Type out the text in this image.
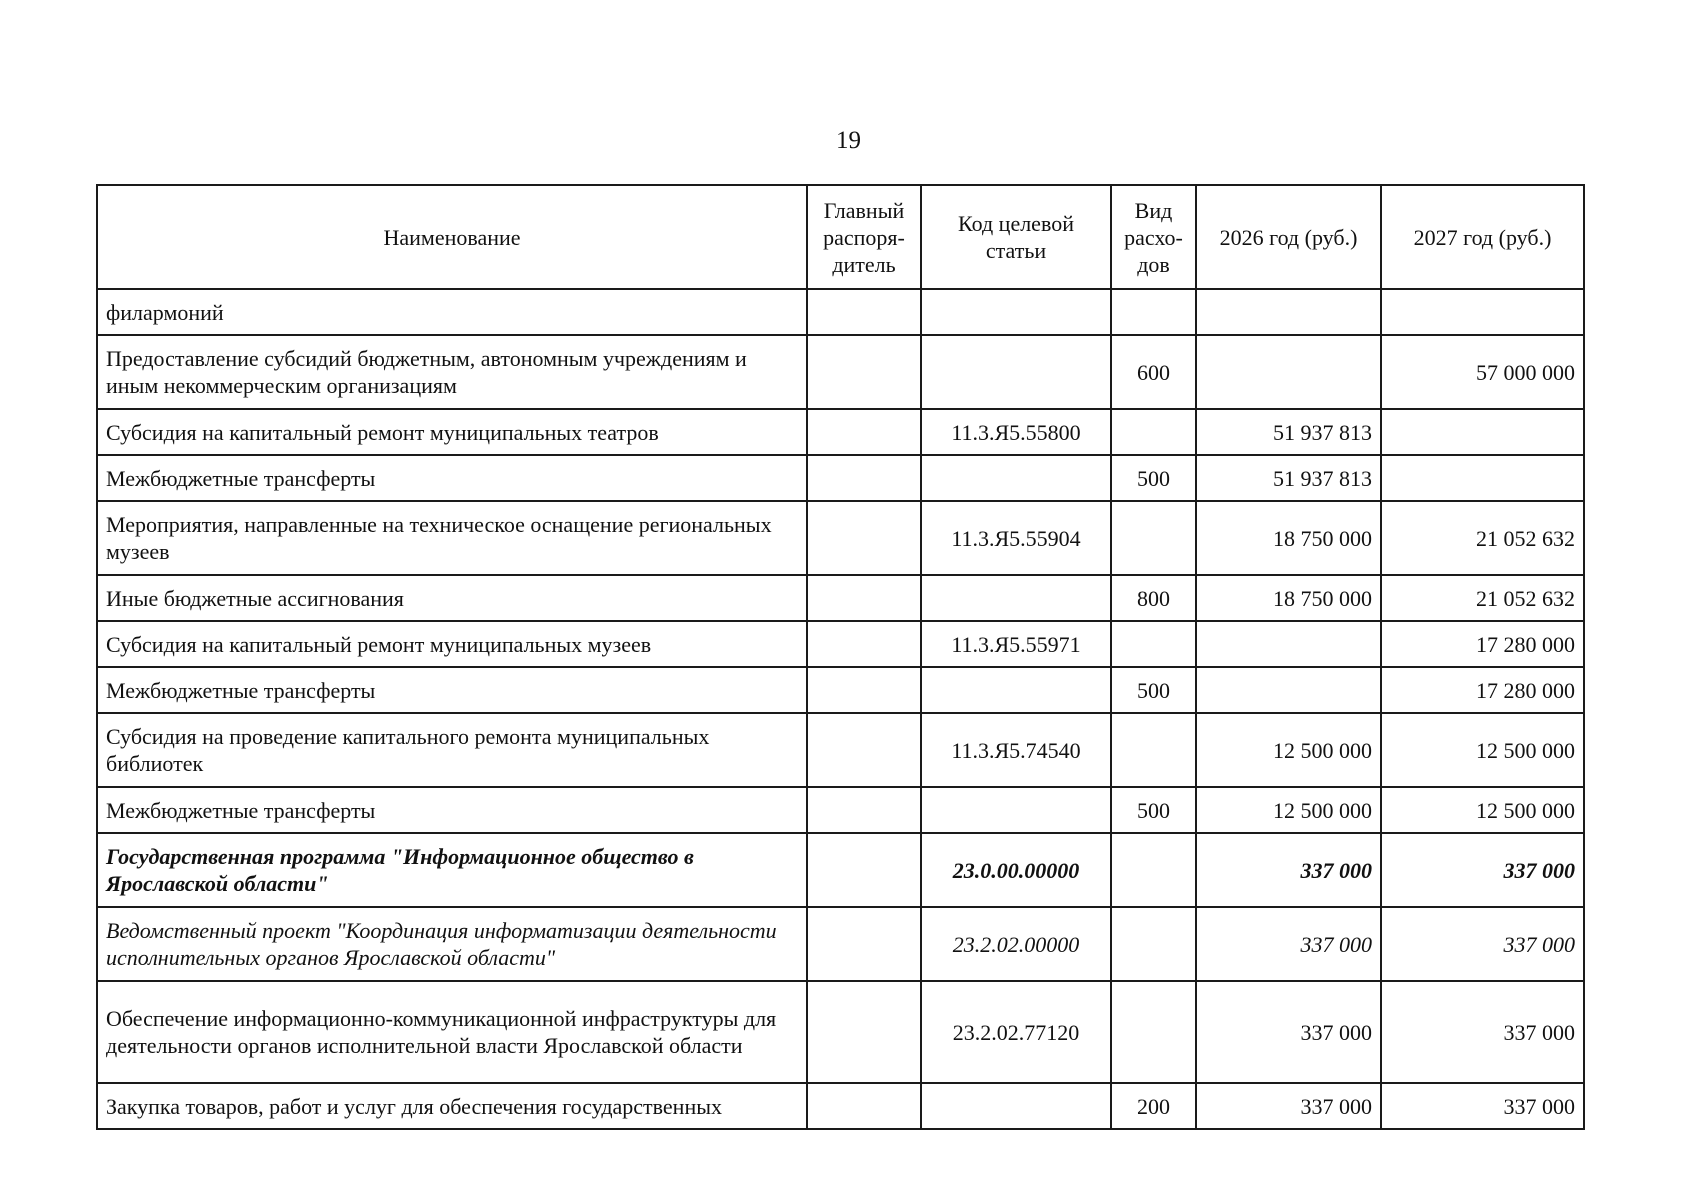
19
Наименование	Главный распоря-дитель	Код целевой статьи	Вид расхо-дов	2026 год (руб.)	2027 год (руб.)
филармоний					
Предоставление субсидий бюджетным, автономным учреждениям и иным некоммерческим организациям			600		57 000 000
Субсидия на капитальный ремонт муниципальных театров		11.3.Я5.55800		51 937 813	
Межбюджетные трансферты			500	51 937 813	
Мероприятия, направленные на техническое оснащение региональных музеев		11.3.Я5.55904		18 750 000	21 052 632
Иные бюджетные ассигнования			800	18 750 000	21 052 632
Субсидия на капитальный ремонт муниципальных музеев		11.3.Я5.55971			17 280 000
Межбюджетные трансферты			500		17 280 000
Субсидия на проведение капитального ремонта муниципальных библиотек		11.3.Я5.74540		12 500 000	12 500 000
Межбюджетные трансферты			500	12 500 000	12 500 000
Государственная программа "Информационное общество в Ярославской области"		23.0.00.00000		337 000	337 000
Ведомственный проект "Координация информатизации деятельности исполнительных органов Ярославской области"		23.2.02.00000		337 000	337 000
Обеспечение информационно-коммуникационной инфраструктуры для деятельности органов исполнительной власти Ярославской области		23.2.02.77120		337 000	337 000
Закупка товаров, работ и услуг для обеспечения государственных			200	337 000	337 000
